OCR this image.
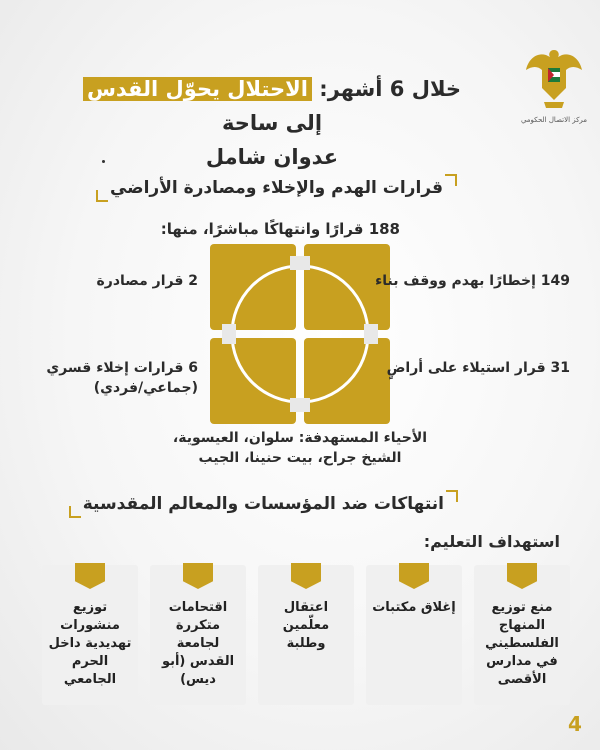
مركز الاتصال الحكومي
خلال 6 أشهر: الاحتلال يحوّل القدس إلى ساحة
عدوان شامل
قرارات الهدم والإخلاء ومصادرة الأراضي
188 قرارًا وانتهاكًا مباشرًا، منها:
149 إخطارًا بهدم ووقف بناء
2 قرار مصادرة
31 قرار استيلاء على أراضٍ
6 قرارات إخلاء قسري
(جماعي/فردي)
الأحياء المستهدفة: سلوان، العيسوية،
الشيخ جراح، بيت حنينا، الجيب
انتهاكات ضد المؤسسات والمعالم المقدسية
استهداف التعليم:
منع توزيع المنهاج الفلسطيني في مدارس الأقصى
إغلاق مكتبات
اعتقال معلّمين وطلبة
اقتحامات متكررة لجامعة القدس (أبو ديس)
توزيع منشورات تهديدية داخل الحرم الجامعي
4
